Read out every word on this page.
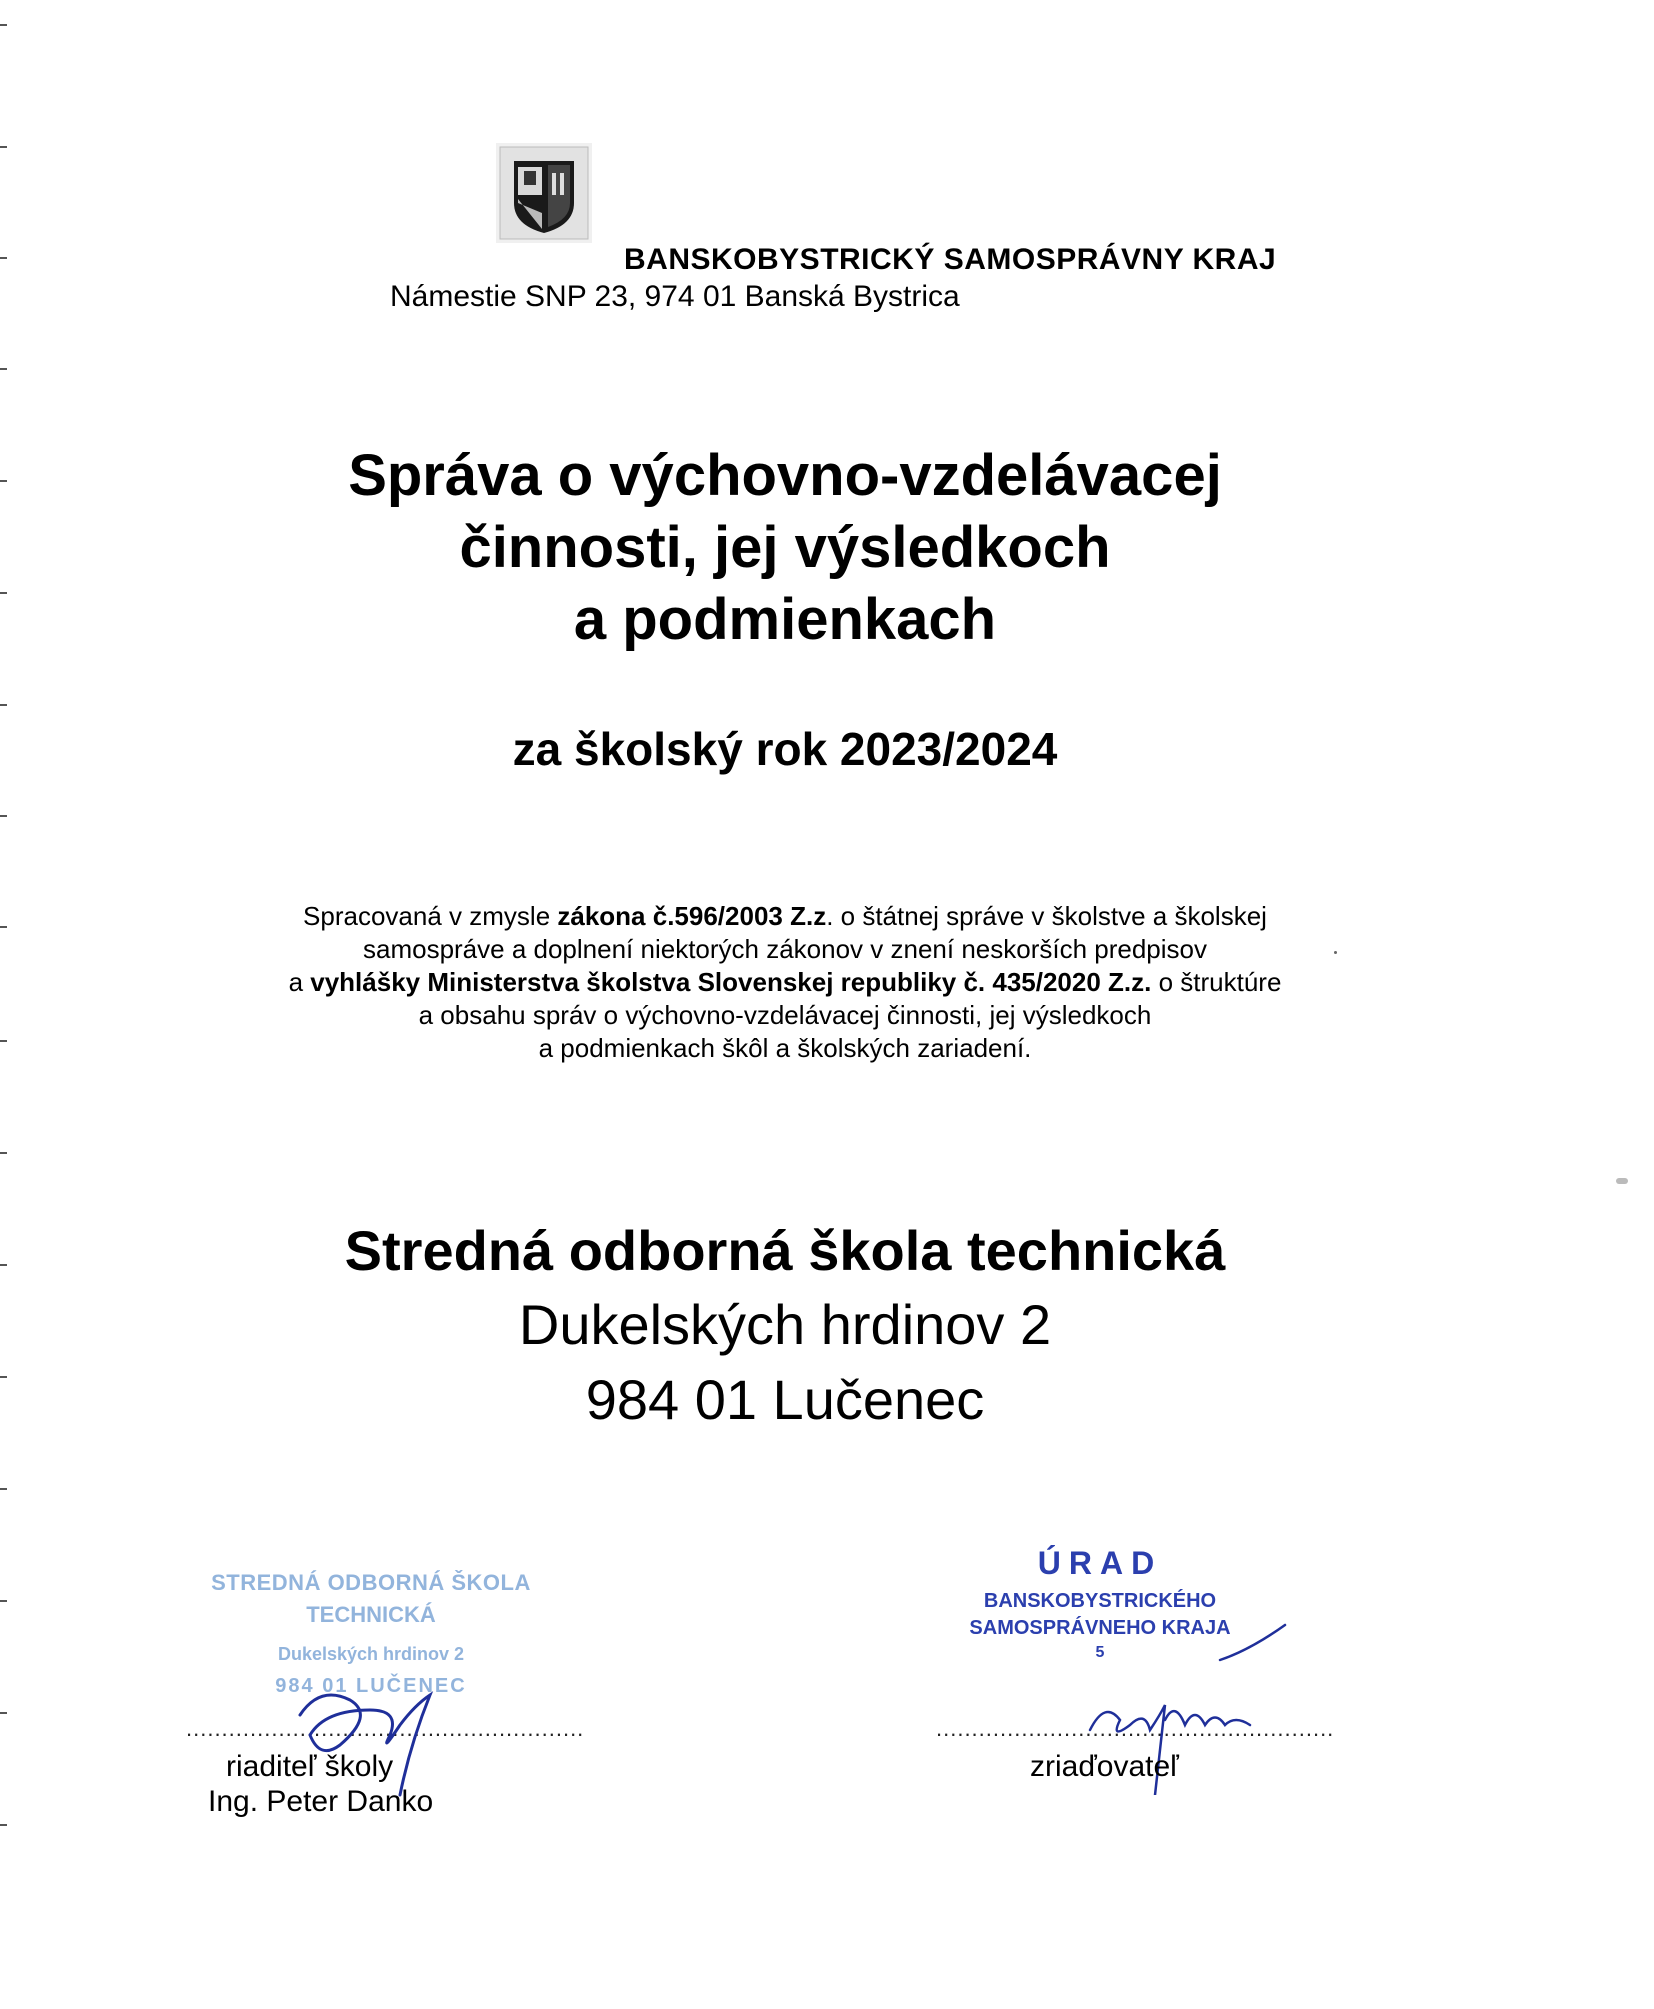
BANSKOBYSTRICKÝ SAMOSPRÁVNY KRAJ
Námestie SNP 23, 974 01 Banská Bystrica
Správa o výchovno-vzdelávacej
činnosti, jej výsledkoch
a podmienkach
za školský rok 2023/2024
Spracovaná v zmysle zákona č.596/2003 Z.z. o štátnej správe v školstve a školskej
samospráve a doplnení niektorých zákonov v znení neskorších predpisov
a vyhlášky Ministerstva školstva Slovenskej republiky č. 435/2020 Z.z. o štruktúre
a obsahu správ o výchovno-vzdelávacej činnosti, jej výsledkoch
a podmienkach škôl a školských zariadení.
Stredná odborná škola technická
Dukelských hrdinov 2
984 01 Lučenec
STREDNÁ ODBORNÁ ŠKOLA
TECHNICKÁ
Dukelských hrdinov 2
984 01 LUČENEC
ÚRAD
BANSKOBYSTRICKÉHO
SAMOSPRÁVNEHO KRAJA
5
........................................................	........................................................
riaditeľ školy
Ing. Peter Danko
zriaďovateľ
